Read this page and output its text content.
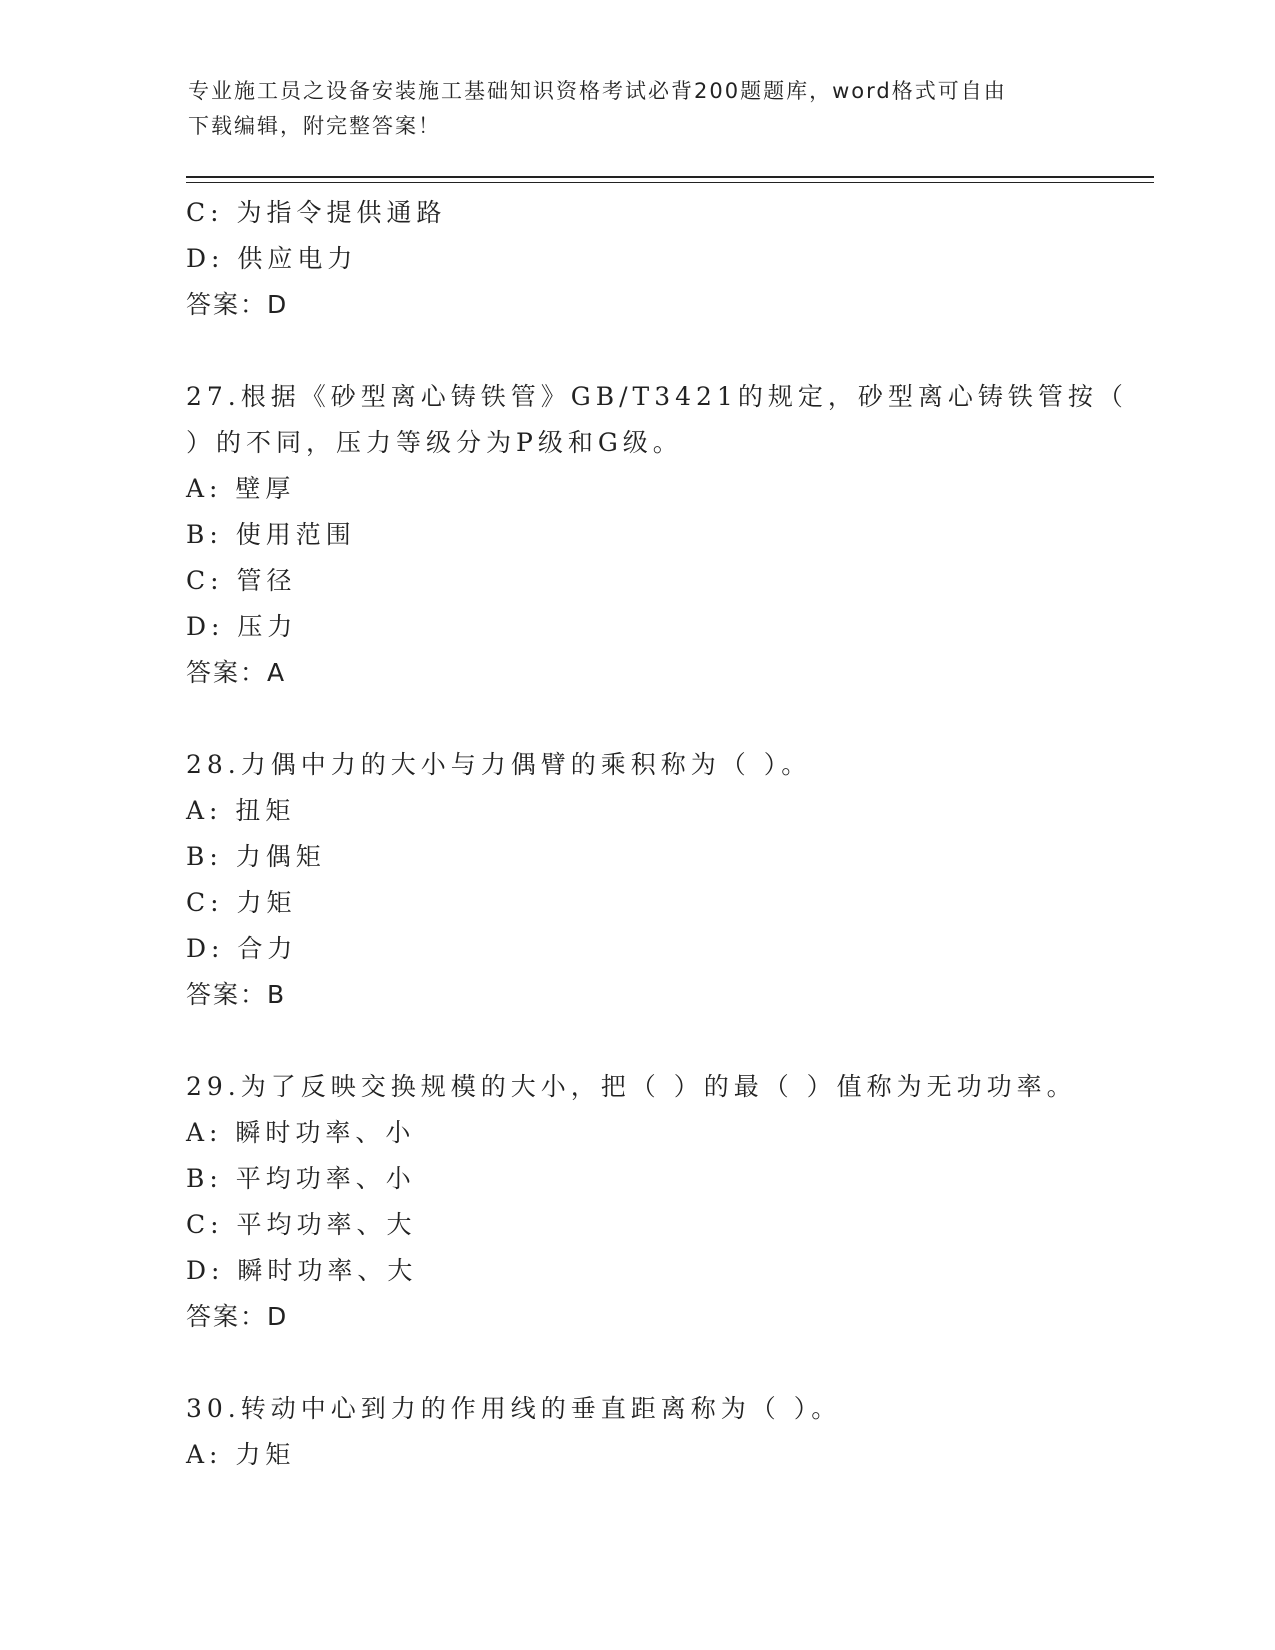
专业施工员之设备安装施工基础知识资格考试必背200题题库，word格式可自由
下载编辑，附完整答案！
C: 为指令提供通路
D: 供应电力
答案：D
27.根据《砂型离心铸铁管》GB/T3421的规定，砂型离心铸铁管按（
）的不同，压力等级分为P级和G级。
A: 壁厚
B: 使用范围
C: 管径
D: 压力
答案：A
28.力偶中力的大小与力偶臂的乘积称为（ ）。
A: 扭矩
B: 力偶矩
C: 力矩
D: 合力
答案：B
29.为了反映交换规模的大小，把（ ）的最（ ）值称为无功功率。
A: 瞬时功率、小
B: 平均功率、小
C: 平均功率、大
D: 瞬时功率、大
答案：D
30.转动中心到力的作用线的垂直距离称为（ ）。
A: 力矩
